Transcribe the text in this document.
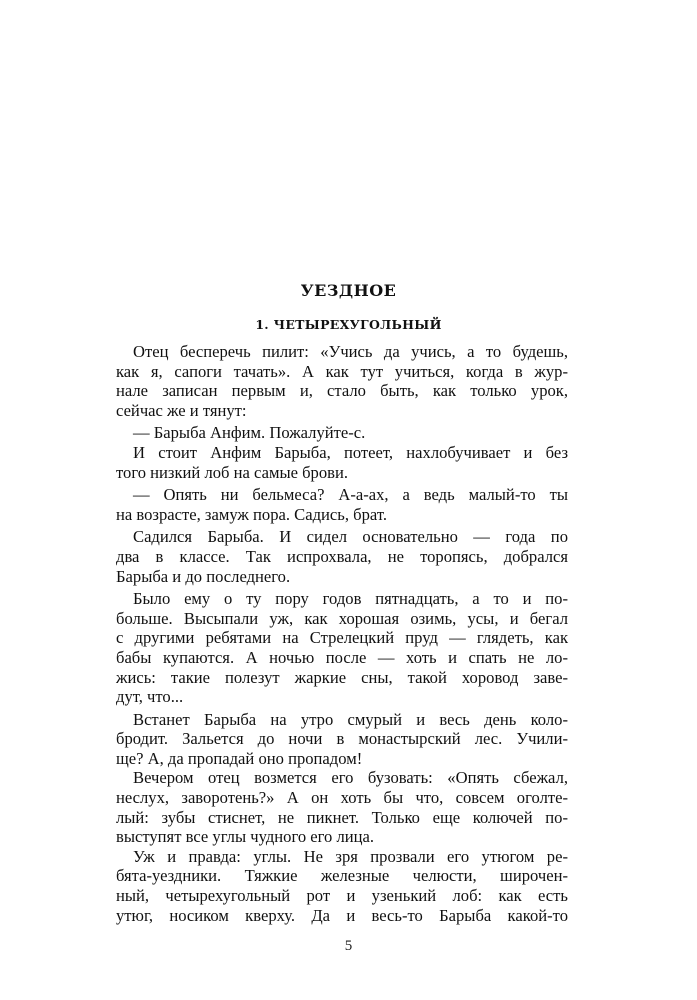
УЕЗДНОЕ
1. ЧЕТЫРЕХУГОЛЬНЫЙ
Отец бесперечь пилит: «Учись да учись, а то будешь,
как я, сапоги тачать». А как тут учиться, когда в жур-
нале записан первым и, стало быть, как только урок,
сейчас же и тянут:
— Барыба Анфим. Пожалуйте-с.
И стоит Анфим Барыба, потеет, нахлобучивает и без
того низкий лоб на самые брови.
— Опять ни бельмеса? А-а-ах, а ведь малый-то ты
на возрасте, замуж пора. Садись, брат.
Садился Барыба. И сидел основательно — года по
два в классе. Так испрохвала, не торопясь, добрался
Барыба и до последнего.
Было ему о ту пору годов пятнадцать, а то и по-
больше. Высыпали уж, как хорошая озимь, усы, и бегал
с другими ребятами на Стрелецкий пруд — глядеть, как
бабы купаются. А ночью после — хоть и спать не ло-
жись: такие полезут жаркие сны, такой хоровод заве-
дут, что...
Встанет Барыба на утро смурый и весь день коло-
бродит. Зальется до ночи в монастырский лес. Учили-
ще? А, да пропадай оно пропадом!
Вечером отец возмется его бузовать: «Опять сбежал,
неслух, заворотень?» А он хоть бы что, совсем оголте-
лый: зубы стиснет, не пикнет. Только еще колючей по-
выступят все углы чудного его лица.
Уж и правда: углы. Не зря прозвали его утюгом ре-
бята-уездники. Тяжкие железные челюсти, широчен-
ный, четырехугольный рот и узенький лоб: как есть
утюг, носиком кверху. Да и весь-то Барыба какой-то
5
